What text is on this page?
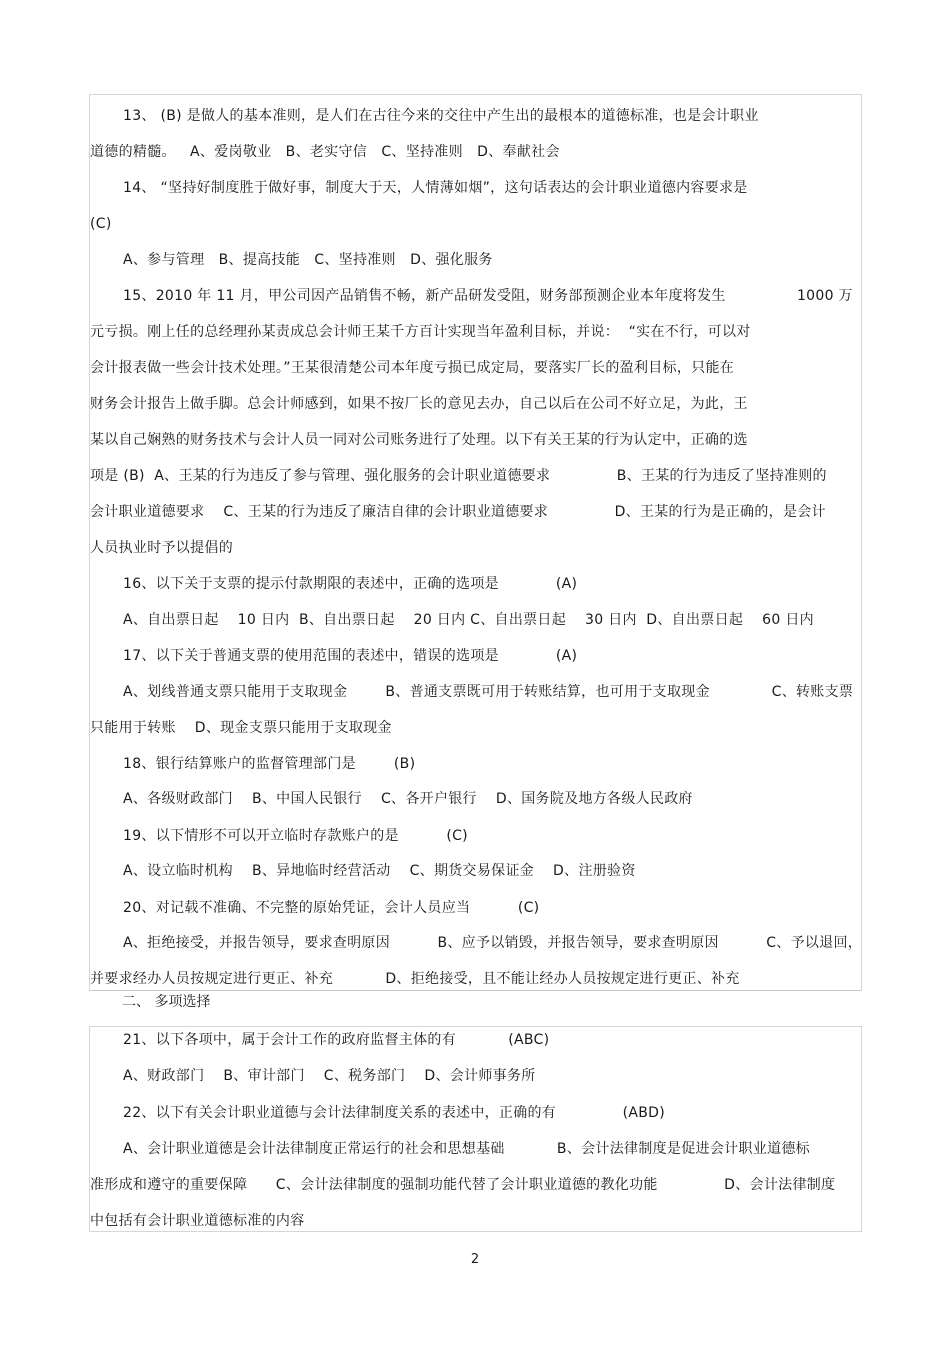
13、 (B) 是做人的基本准则，是人们在古往今来的交往中产生出的最根本的道德标准，也是会计职业
道德的精髓。   A、爱岗敬业   B、老实守信   C、坚持准则   D、奉献社会
14、 “坚持好制度胜于做好事，制度大于天，人情薄如烟”，这句话表达的会计职业道德内容要求是
(C)
A、参与管理   B、提高技能   C、坚持准则   D、强化服务
15、2010 年 11 月，甲公司因产品销售不畅，新产品研发受阻，财务部预测企业本年度将发生               1000 万
元亏损。刚上任的总经理孙某责成总会计师王某千方百计实现当年盈利目标，并说：  “实在不行，可以对
会计报表做一些会计技术处理。”王某很清楚公司本年度亏损已成定局，要落实厂长的盈利目标，只能在
财务会计报告上做手脚。总会计师感到，如果不按厂长的意见去办，自己以后在公司不好立足，为此，王
某以自己娴熟的财务技术与会计人员一同对公司账务进行了处理。以下有关王某的行为认定中，正确的选
项是 (B)  A、王某的行为违反了参与管理、强化服务的会计职业道德要求              B、王某的行为违反了坚持准则的
会计职业道德要求    C、王某的行为违反了廉洁自律的会计职业道德要求              D、王某的行为是正确的，是会计
人员执业时予以提倡的
16、以下关于支票的提示付款期限的表述中，正确的选项是            (A)
A、自出票日起    10 日内  B、自出票日起    20 日内 C、自出票日起    30 日内  D、自出票日起    60 日内
17、以下关于普通支票的使用范围的表述中，错误的选项是            (A)
A、划线普通支票只能用于支取现金        B、普通支票既可用于转账结算，也可用于支取现金             C、转账支票
只能用于转账    D、现金支票只能用于支取现金
18、银行结算账户的监督管理部门是        (B)
A、各级财政部门    B、中国人民银行    C、各开户银行    D、国务院及地方各级人民政府
19、以下情形不可以开立临时存款账户的是          (C)
A、设立临时机构    B、异地临时经营活动    C、期货交易保证金    D、注册验资
20、对记载不准确、不完整的原始凭证，会计人员应当          (C)
A、拒绝接受，并报告领导，要求查明原因          B、应予以销毁，并报告领导，要求查明原因          C、予以退回，
并要求经办人员按规定进行更正、补充           D、拒绝接受，且不能让经办人员按规定进行更正、补充
二、 多项选择
21、以下各项中，属于会计工作的政府监督主体的有           (ABC)
A、财政部门    B、审计部门    C、税务部门    D、会计师事务所
22、以下有关会计职业道德与会计法律制度关系的表述中，正确的有              (ABD)
A、会计职业道德是会计法律制度正常运行的社会和思想基础           B、会计法律制度是促进会计职业道德标
准形成和遵守的重要保障      C、会计法律制度的强制功能代替了会计职业道德的教化功能              D、会计法律制度
中包括有会计职业道德标准的内容
2
